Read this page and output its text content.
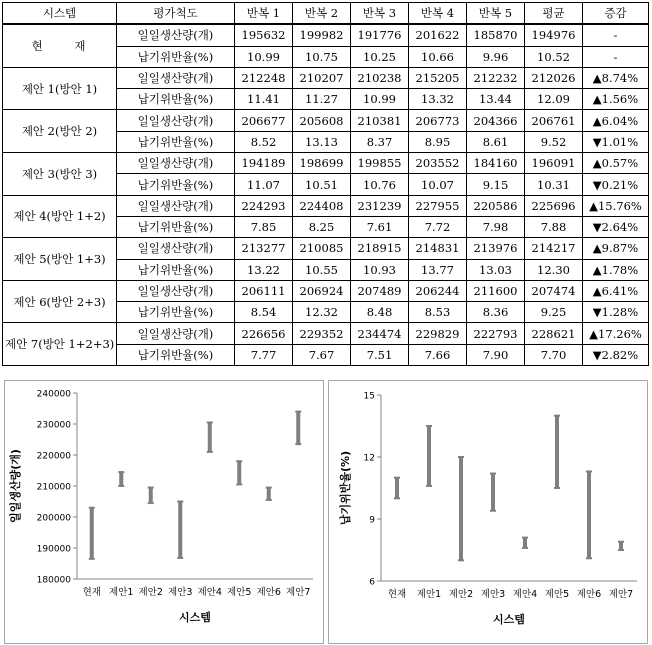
시스템	평가척도	반복 1	반복 2	반복 3	반복 4	반복 5	평균	증감
현 재	일일생산량(개)	195632	199982	191776	201622	185870	194976	-
	납기위반율(%)	10.99	10.75	10.25	10.66	9.96	10.52	-
제안 1(방안 1)	일일생산량(개)	212248	210207	210238	215205	212232	212026	▲8.74%
	납기위반율(%)	11.41	11.27	10.99	13.32	13.44	12.09	▲1.56%
제안 2(방안 2)	일일생산량(개)	206677	205608	210381	206773	204366	206761	▲6.04%
	납기위반율(%)	8.52	13.13	8.37	8.95	8.61	9.52	▼1.01%
제안 3(방안 3)	일일생산량(개)	194189	198699	199855	203552	184160	196091	▲0.57%
	납기위반율(%)	11.07	10.51	10.76	10.07	9.15	10.31	▼0.21%
제안 4(방안 1+2)	일일생산량(개)	224293	224408	231239	227955	220586	225696	▲15.76%
	납기위반율(%)	7.85	8.25	7.61	7.72	7.98	7.88	▼2.64%
제안 5(방안 1+3)	일일생산량(개)	213277	210085	218915	214831	213976	214217	▲9.87%
	납기위반율(%)	13.22	10.55	10.93	13.77	13.03	12.30	▲1.78%
제안 6(방안 2+3)	일일생산량(개)	206111	206924	207489	206244	211600	207474	▲6.41%
	납기위반율(%)	8.54	12.32	8.48	8.53	8.36	9.25	▼1.28%
제안 7(방안 1+2+3)	일일생산량(개)	226656	229352	234474	229829	222793	228621	▲17.26%
	납기위반율(%)	7.77	7.67	7.51	7.66	7.90	7.70	▼2.82%
180000
190000
200000
210000
220000
230000
240000
현재 제안1 제안2 제안3 제안4 제안5 제안6 제안7
시스템
일일생산량(개)
6
9
12
15
현재 제안1 제안2 제안3 제안4 제안5 제안6 제안7
시스템
납기위반율(%)
